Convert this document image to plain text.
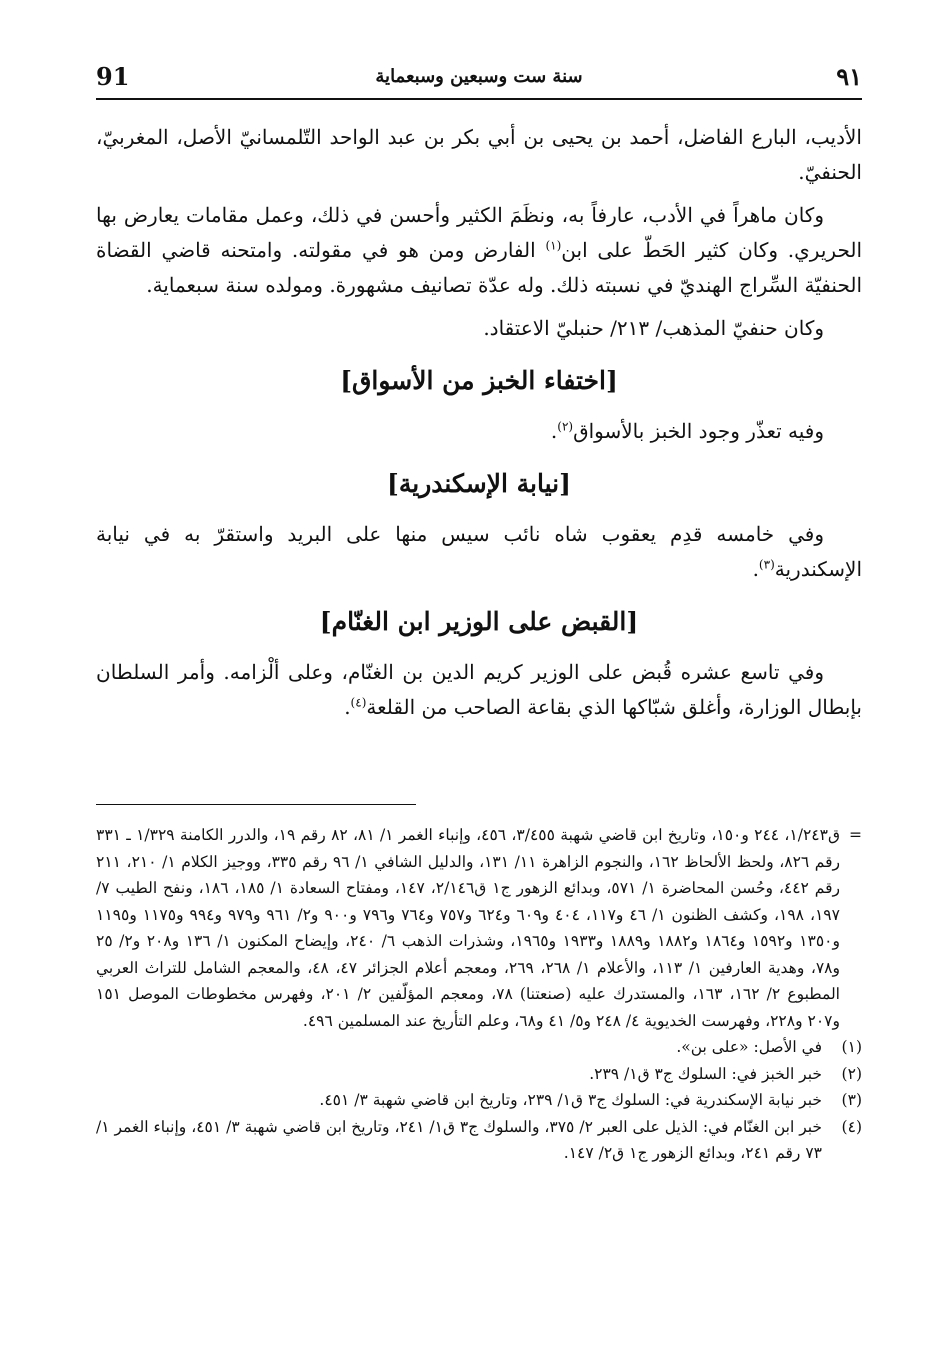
91	سنة ست وسبعين وسبعماية	٩١

الأديب، البارع الفاضل، أحمد بن يحيى بن أبي بكر بن عبد الواحد التّلمسانيّ الأصل، المغربيّ، الحنفيّ.

وكان ماهراً في الأدب، عارفاً به، ونظَمَ الكثير وأحسن في ذلك، وعمل مقامات يعارض بها الحريري. وكان كثير الحَطّ على ابن$^{(١)}$ الفارض ومن هو في مقولته. وامتحنه قاضي القضاة الحنفيّة السِّراج الهنديّ في نسبته ذلك. وله عدّة تصانيف مشهورة. ومولده سنة سبعماية.

وكان حنفيّ المذهب/ ٢١٣/ حنبليّ الاعتقاد.

[اختفاء الخبز من الأسواق]

وفيه تعذّر وجود الخبز بالأسواق$^{(٢)}$.

[نيابة الإسكندرية]

وفي خامسه قدِم يعقوب شاه نائب سيس منها على البريد واستقرّ به في نيابة الإسكندرية$^{(٣)}$.

[القبض على الوزير ابن الغنّام]

وفي تاسع عشره قُبض على الوزير كريم الدين بن الغنّام، وعلى ألْزامه. وأمر السلطان بإبطال الوزارة، وأغلق شبّاكها الذي بقاعة الصاحب من القلعة$^{(٤)}$.

=
ق١/٢٤٣، ٢٤٤ و١٥٠، وتاريخ ابن قاضي شهبة ٣/٤٥٥، ٤٥٦، وإنباء الغمر ١/ ٨١، ٨٢ رقم ١٩، والدرر الكامنة ١/٣٢٩ ـ ٣٣١ رقم ٨٢٦، ولحظ الألحاظ ١٦٢، والنجوم الزاهرة ١١/ ١٣١، والدليل الشافي ١/ ٩٦ رقم ٣٣٥، ووجيز الكلام ١/ ٢١٠، ٢١١ رقم ٤٤٢، وحُسن المحاضرة ١/ ٥٧١، وبدائع الزهور ج١ ق٢/١٤٦، ١٤٧، ومفتاح السعادة ١/ ١٨٥، ١٨٦، ونفح الطيب ٧/ ١٩٧، ١٩٨، وكشف الظنون ١/ ٤٦ و١١٧، ٤٠٤ و٦٠٩ و٦٢٤ و٧٥٧ و٧٦٤ و٧٩٦ و٩٠٠ و٢/ ٩٦١ و٩٧٩ و٩٩٤ و١١٧٥ و١١٩٥ و١٣٥٠ و١٥٩٢ و١٨٦٤ و١٨٨٢ و١٨٨٩ و١٩٣٣ و١٩٦٥، وشذرات الذهب ٦/ ٢٤٠، وإيضاح المكنون ١/ ١٣٦ و٢٠٨ و٢/ ٢٥ و٧٨، وهدية العارفين ١/ ١١٣، والأعلام ١/ ٢٦٨، ٢٦٩، ومعجم أعلام الجزائر ٤٧، ٤٨، والمعجم الشامل للتراث العربي المطبوع ٢/ ١٦٢، ١٦٣، والمستدرك عليه (صنعتنا) ٧٨، ومعجم المؤلّفين ٢/ ٢٠١، وفهرس مخطوطات الموصل ١٥١ و٢٠٧ و٢٢٨، وفهرست الخديوية ٤/ ٢٤٨ و٥/ ٤١ و٦٨، وعلم التأريخ عند المسلمين ٤٩٦.
(١)
في الأصل: «على بن».
(٢)
خبر الخبز في: السلوك ج٣ ق١/ ٢٣٩.
(٣)
خبر نيابة الإسكندرية في: السلوك ج٣ ق١/ ٢٣٩، وتاريخ ابن قاضي شهبة ٣/ ٤٥١.
(٤)
خبر ابن الغنّام في: الذيل على العبر ٢/ ٣٧٥، والسلوك ج٣ ق١/ ٢٤١، وتاريخ ابن قاضي شهبة ٣/ ٤٥١، وإنباء الغمر ١/ ٧٣ رقم ٢٤١، وبدائع الزهور ج١ ق٢/ ١٤٧.
